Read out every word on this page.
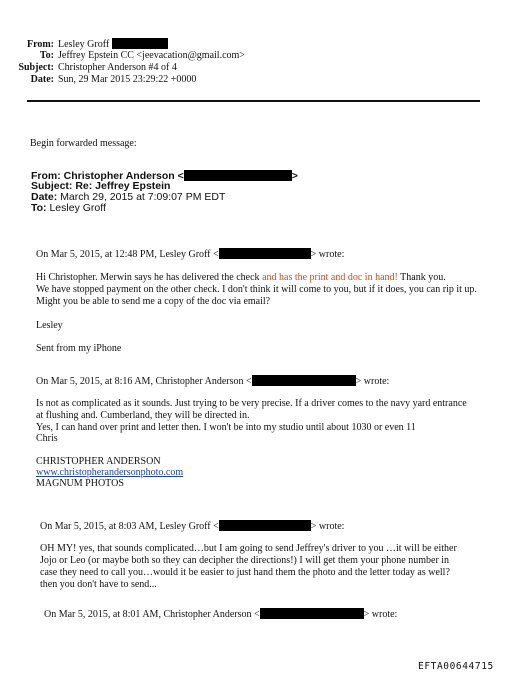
From: Lesley Groff
To: Jeffrey Epstein CC <jeevacation@gmail.com>
Subject: Christopher Anderson #4 of 4
Date: Sun, 29 Mar 2015 23:29:22 +0000
Begin forwarded message:
From: Christopher Anderson <	>
Subject: Re: Jeffrey Epstein
Date: March 29, 2015 at 7:09:07 PM EDT
To: Lesley Groff
On Mar 5, 2015, at 12:48 PM, Lesley Groff <	> wrote:
Hi Christopher. Merwin says he has delivered the check and has the print and doc in hand! Thank you.
We have stopped payment on the other check. I don't think it will come to you, but if it does, you can rip it up.
Might you be able to send me a copy of the doc via email?
Lesley
Sent from my iPhone
On Mar 5, 2015, at 8:16 AM, Christopher Anderson <	> wrote:
Is not as complicated as it sounds. Just trying to be very precise. If a driver comes to the navy yard entrance
at flushing and. Cumberland, they will be directed in.
Yes, I can hand over print and letter then. I won't be into my studio until about 1030 or even 11
Chris
CHRISTOPHER ANDERSON
www.christopherandersonphoto.com
MAGNUM PHOTOS
On Mar 5, 2015, at 8:03 AM, Lesley Groff <	> wrote:
OH MY! yes, that sounds complicated…but I am going to send Jeffrey's driver to you …it will be either
Jojo or Leo (or maybe both so they can decipher the directions!) I will get them your phone number in
case they need to call you…would it be easier to just hand them the photo and the letter today as well?
then you don't have to send...
On Mar 5, 2015, at 8:01 AM, Christopher Anderson <	> wrote:
EFTA00644715
